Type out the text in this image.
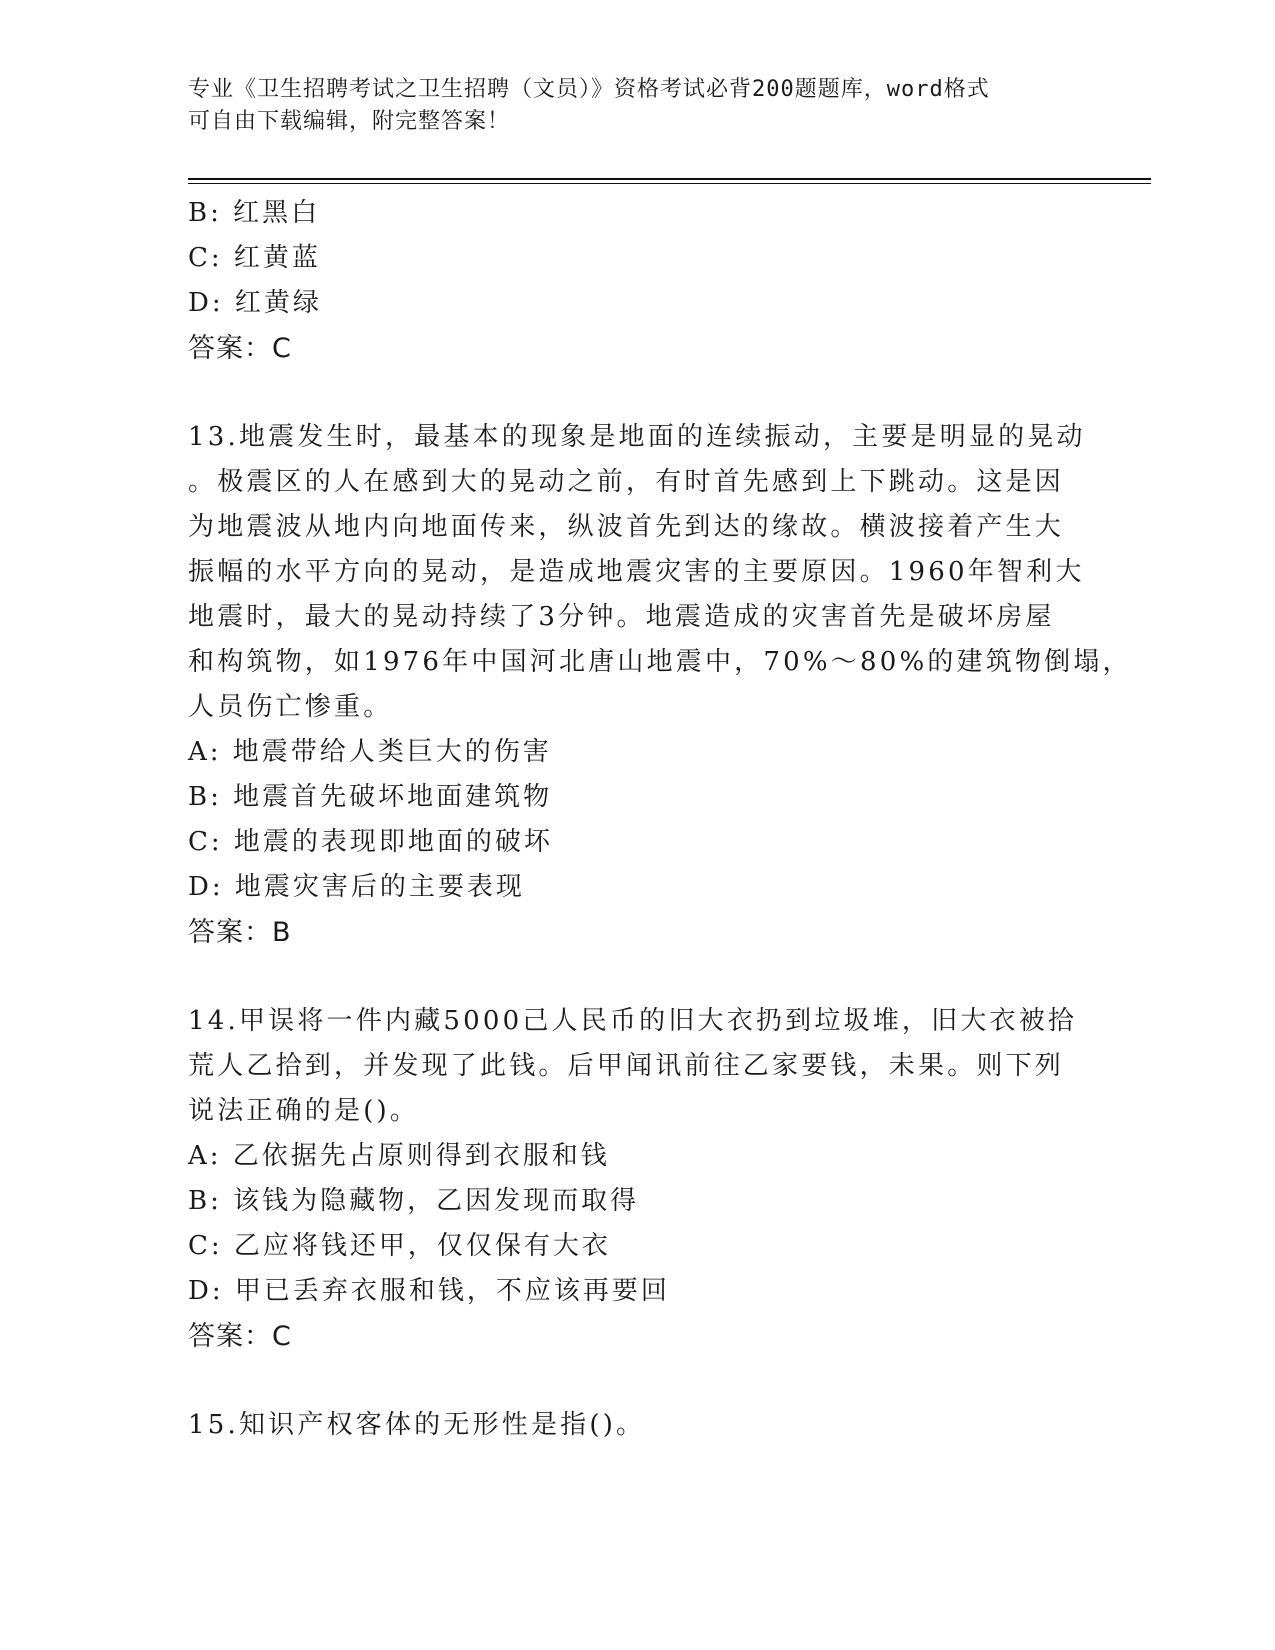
专业《卫生招聘考试之卫生招聘（文员）》资格考试必背200题题库，word格式
可自由下载编辑，附完整答案！
B: 红黑白
C: 红黄蓝
D: 红黄绿
答案：C
13.地震发生时，最基本的现象是地面的连续振动，主要是明显的晃动
。极震区的人在感到大的晃动之前，有时首先感到上下跳动。这是因
为地震波从地内向地面传来，纵波首先到达的缘故。横波接着产生大
振幅的水平方向的晃动，是造成地震灾害的主要原因。1960年智利大
地震时，最大的晃动持续了3分钟。地震造成的灾害首先是破坏房屋
和构筑物，如1976年中国河北唐山地震中，70%～80%的建筑物倒塌，
人员伤亡惨重。
A: 地震带给人类巨大的伤害
B: 地震首先破坏地面建筑物
C: 地震的表现即地面的破坏
D: 地震灾害后的主要表现
答案：B
14.甲误将一件内藏5000己人民币的旧大衣扔到垃圾堆，旧大衣被拾
荒人乙拾到，并发现了此钱。后甲闻讯前往乙家要钱，未果。则下列
说法正确的是()。
A: 乙依据先占原则得到衣服和钱
B: 该钱为隐藏物，乙因发现而取得
C: 乙应将钱还甲，仅仅保有大衣
D: 甲已丢弃衣服和钱，不应该再要回
答案：C
15.知识产权客体的无形性是指()。
